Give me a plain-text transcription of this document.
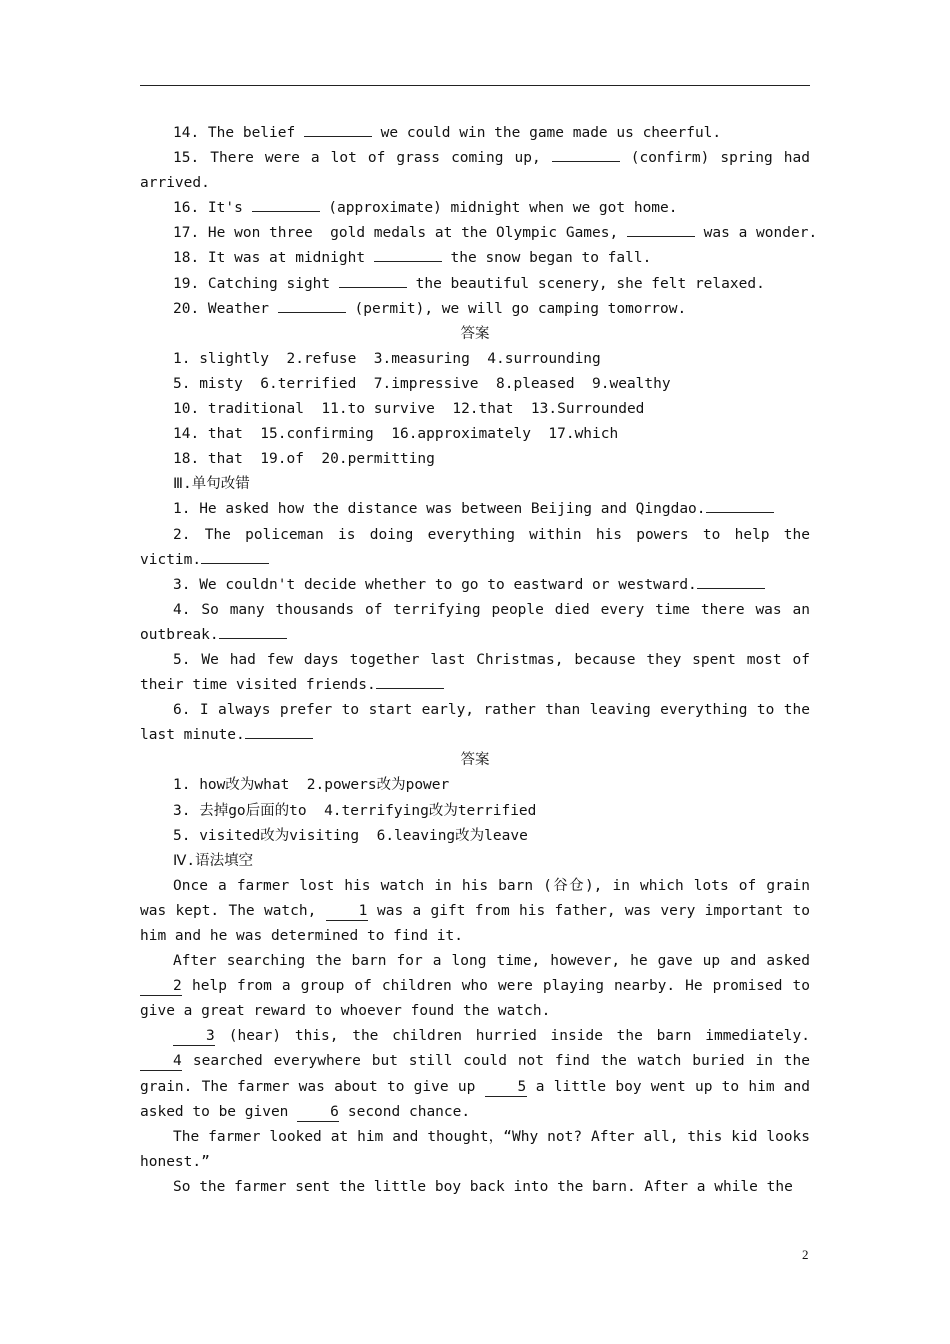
14. The belief	we could win the game made us cheerful.

15. There were a lot of grass coming up,	(confirm) spring had arrived.

16. It's	(approximate) midnight when we got home.

17. He won three  gold medals at the Olympic Games,	was a wonder.

18. It was at midnight	the snow began to fall.

19. Catching sight	the beautiful scenery, she felt relaxed.

20. Weather	(permit), we will go camping tomorrow.

答案

1. slightly  2.refuse  3.measuring  4.surrounding

5. misty  6.terrified  7.impressive  8.pleased  9.wealthy

10. traditional  11.to survive  12.that  13.Surrounded

14. that  15.confirming  16.approximately  17.which

18. that  19.of  20.permitting

Ⅲ.单句改错

1. He asked how the distance was between Beijing and Qingdao.

2. The policeman is doing everything within his powers to help the victim.

3. We couldn't decide whether to go to eastward or westward.

4. So many thousands of terrifying people died every time there was an outbreak.

5. We had few days together last Christmas, because they spent most of their time visited friends.

6. I always prefer to start early, rather than leaving everything to the last minute.

答案

1. how改为what  2.powers改为power

3. 去掉go后面的to  4.terrifying改为terrified

5. visited改为visiting  6.leaving改为leave

Ⅳ.语法填空

Once a farmer lost his watch in his barn (谷仓), in which lots of grain was kept. The watch, 1 was a gift from his father, was very important to him and he was determined to find it.

After searching the barn for a long time, however, he gave up and asked 2 help from a group of children who were playing nearby. He promised to give a great reward to whoever found the watch.

3 (hear) this, the children hurried inside the barn immediately. 4 searched everywhere but still could not find the watch buried in the grain. The farmer was about to give up 5 a little boy went up to him and asked to be given 6 second chance.

The farmer looked at him and thought，“Why not? After all, this kid looks honest.”

So the farmer sent the little boy back into the barn. After a while the

2
